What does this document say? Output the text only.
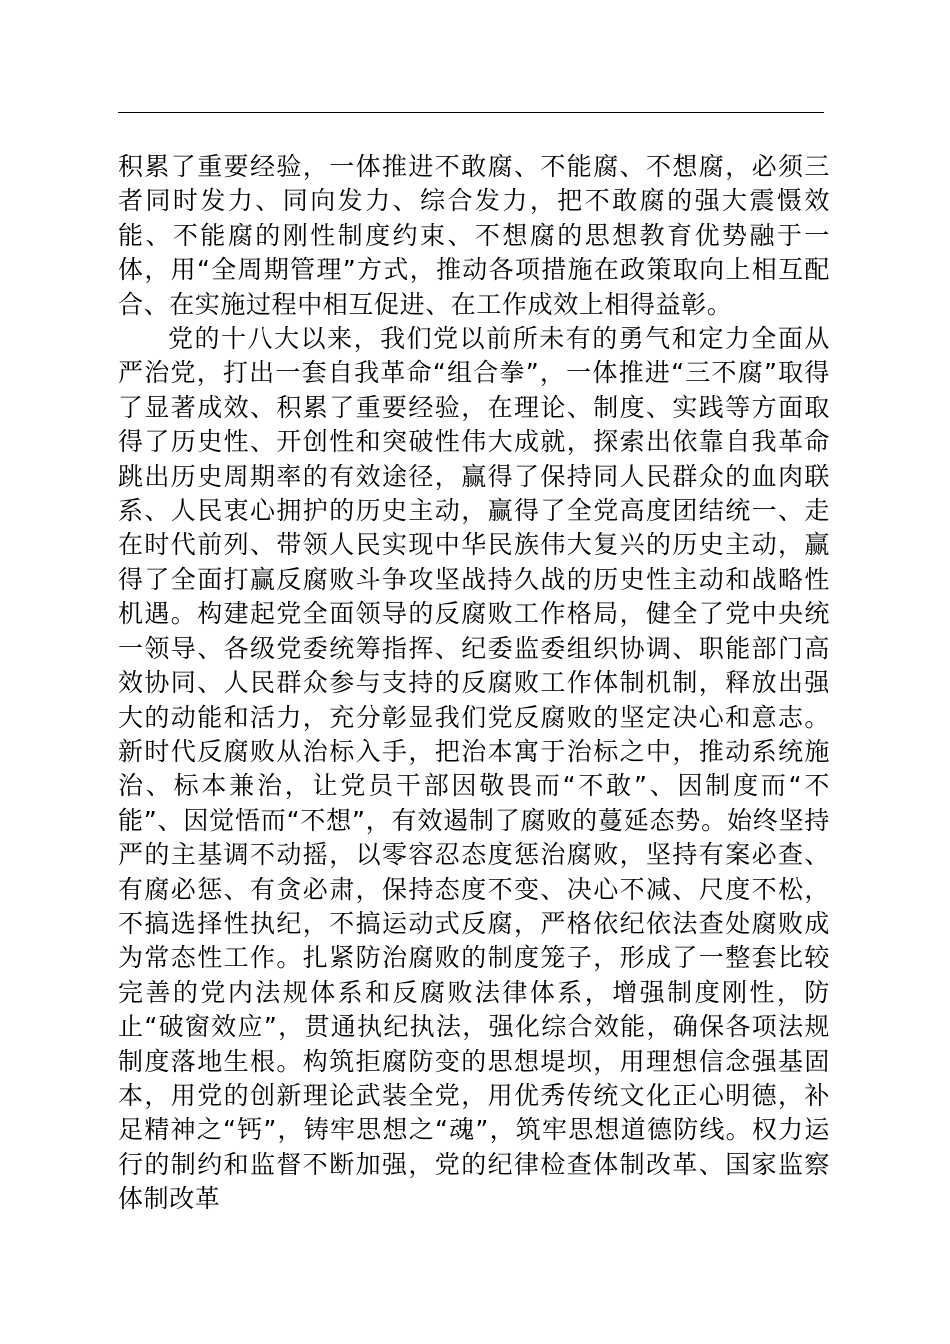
积累了重要经验，一体推进不敢腐、不能腐、不想腐，必须三者同时发力、同向发力、综合发力，把不敢腐的强大震慑效能、不能腐的刚性制度约束、不想腐的思想教育优势融于一体，用“全周期管理”方式，推动各项措施在政策取向上相互配合、在实施过程中相互促进、在工作成效上相得益彰。

党的十八大以来，我们党以前所未有的勇气和定力全面从严治党，打出一套自我革命“组合拳”，一体推进“三不腐”取得了显著成效、积累了重要经验，在理论、制度、实践等方面取得了历史性、开创性和突破性伟大成就，探索出依靠自我革命跳出历史周期率的有效途径，赢得了保持同人民群众的血肉联系、人民衷心拥护的历史主动，赢得了全党高度团结统一、走在时代前列、带领人民实现中华民族伟大复兴的历史主动，赢得了全面打赢反腐败斗争攻坚战持久战的历史性主动和战略性机遇。构建起党全面领导的反腐败工作格局，健全了党中央统一领导、各级党委统筹指挥、纪委监委组织协调、职能部门高效协同、人民群众参与支持的反腐败工作体制机制，释放出强大的动能和活力，充分彰显我们党反腐败的坚定决心和意志。新时代反腐败从治标入手，把治本寓于治标之中，推动系统施治、标本兼治，让党员干部因敬畏而“不敢”、因制度而“不能”、因觉悟而“不想”，有效遏制了腐败的蔓延态势。始终坚持严的主基调不动摇，以零容忍态度惩治腐败，坚持有案必查、有腐必惩、有贪必肃，保持态度不变、决心不减、尺度不松，不搞选择性执纪，不搞运动式反腐，严格依纪依法查处腐败成为常态性工作。扎紧防治腐败的制度笼子，形成了一整套比较完善的党内法规体系和反腐败法律体系，增强制度刚性，防止“破窗效应”，贯通执纪执法，强化综合效能，确保各项法规制度落地生根。构筑拒腐防变的思想堤坝，用理想信念强基固本，用党的创新理论武装全党，用优秀传统文化正心明德，补足精神之“钙”，铸牢思想之“魂”，筑牢思想道德防线。权力运行的制约和监督不断加强，党的纪律检查体制改革、国家监察体制改革
